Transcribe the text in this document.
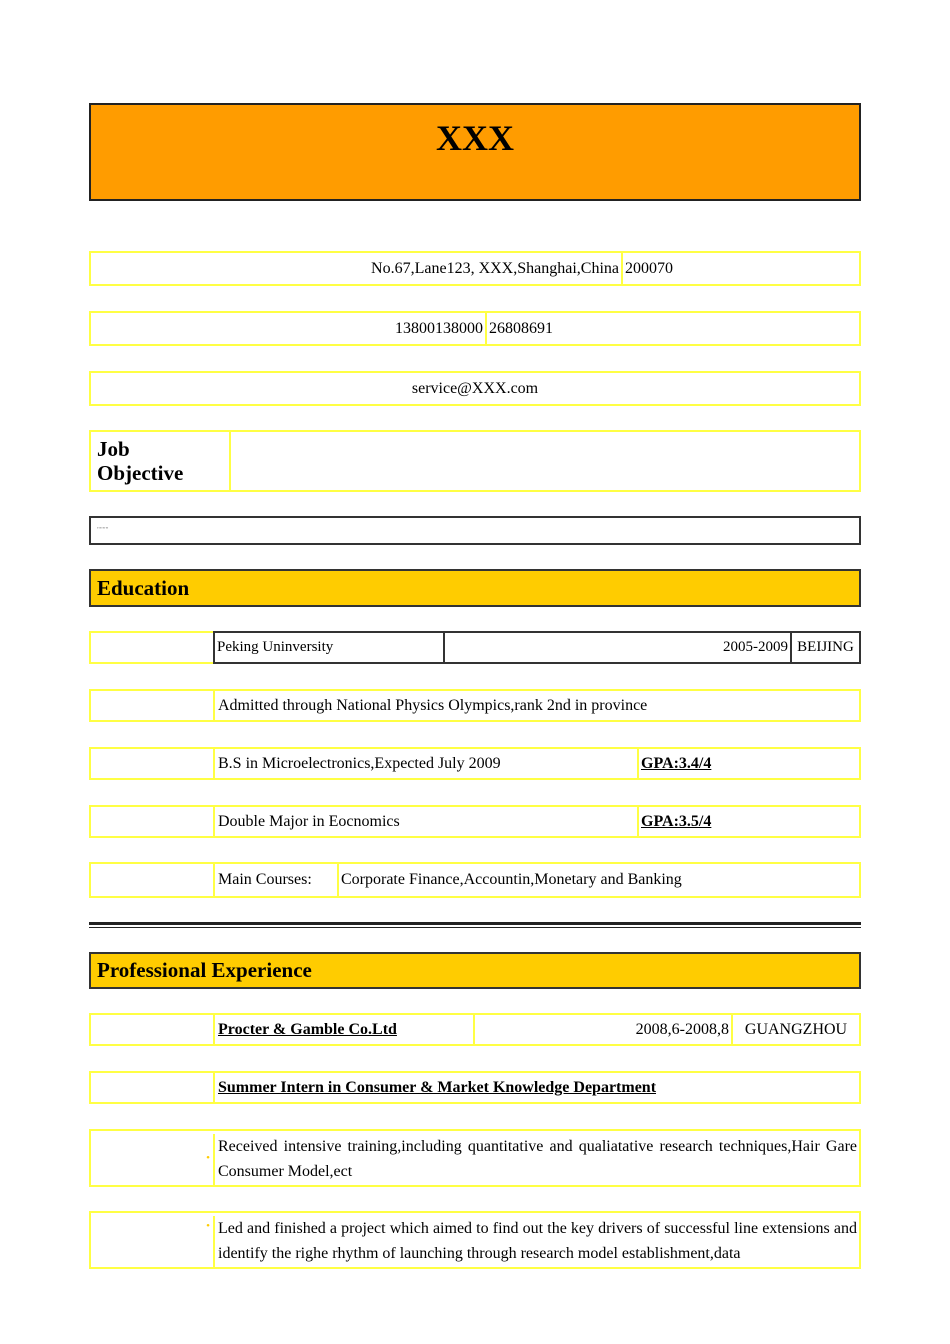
XXX
No.67,Lane123, XXX,Shanghai,China 200070
13800138000 26808691
service@XXX.com
Job
Objective
""""
Education
Peking Uninversity	2005-2009 BEIJING
Admitted through National Physics Olympics,rank 2nd in province
B.S in Microelectronics,Expected July 2009	GPA:3.4/4
Double Major in Eocnomics	GPA:3.5/4
Main Courses: Corporate Finance,Accountin,Monetary and Banking
Professional Experience
Procter & Gamble Co.Ltd	2008,6-2008,8 GUANGZHOU
Summer Intern in Consumer & Market Knowledge Department
•
Received intensive training,including quantitative and qualiatative research techniques,Hair Gare Consumer Model,ect
• Led and finished a project which aimed to find out the key drivers of successful line extensions and identify the righe rhythm of launching through research model establishment,data
